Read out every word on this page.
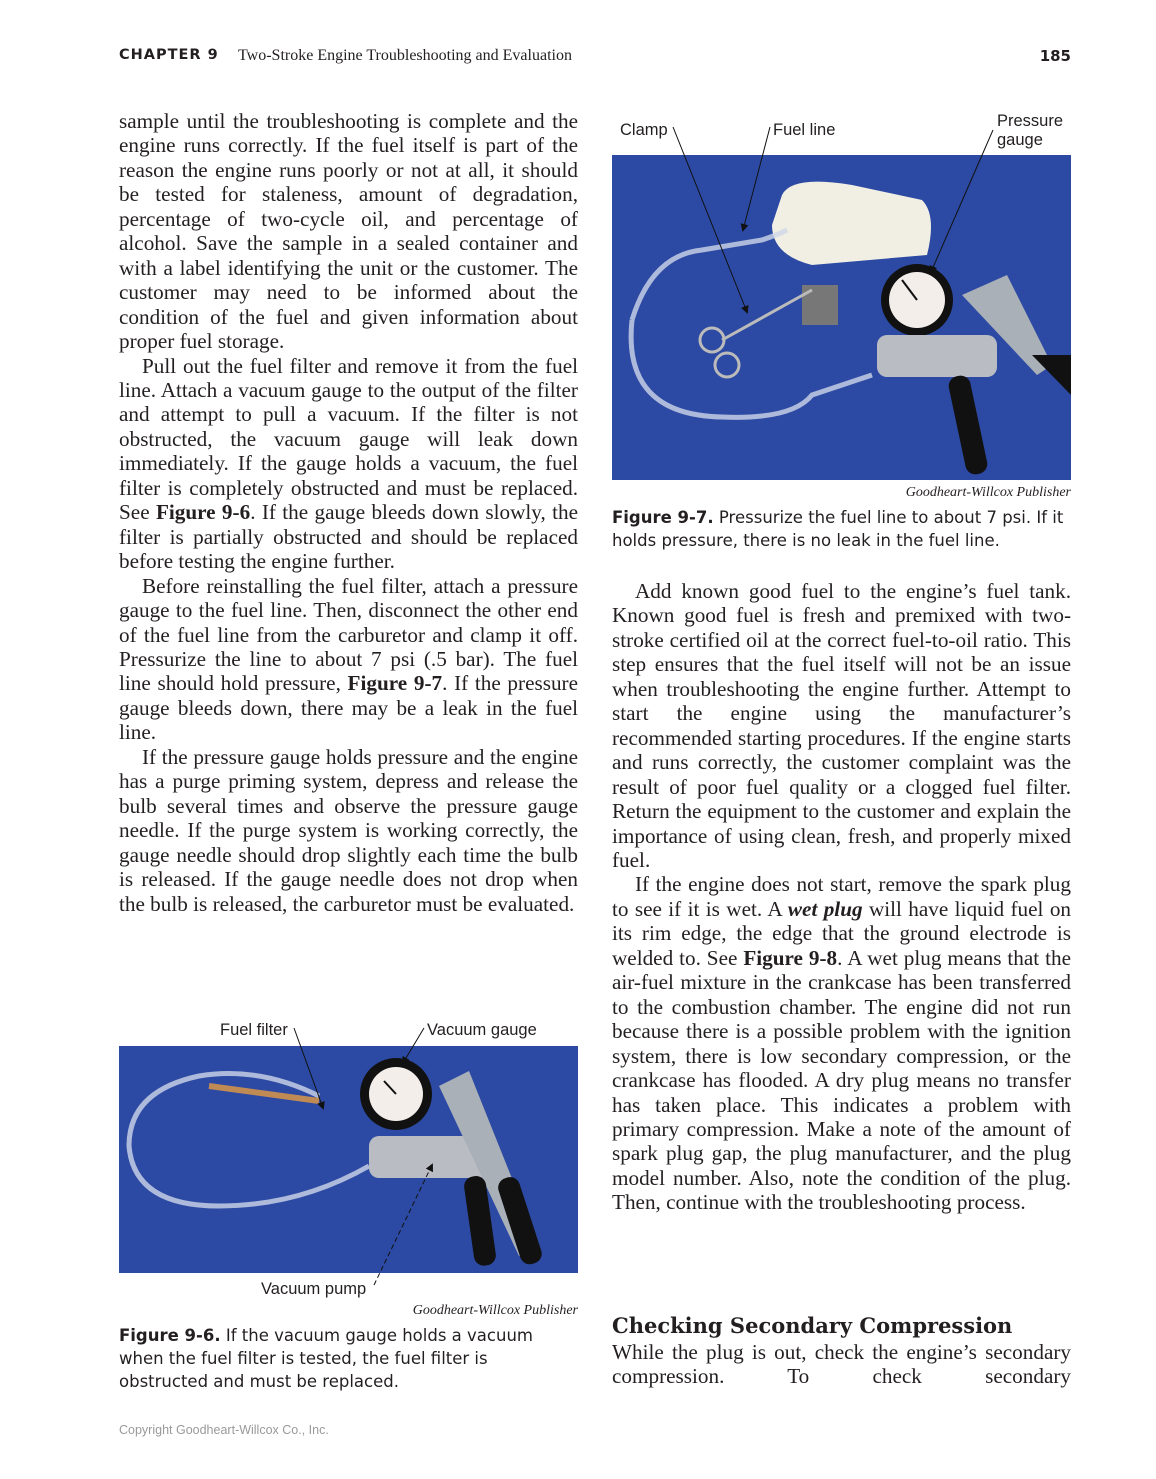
CHAPTER 9 Two-Stroke Engine Troubleshooting and Evaluation	185

sample until the troubleshooting is complete and the engine runs correctly. If the fuel itself is part of the reason the engine runs poorly or not at all, it should be tested for staleness, amount of degradation, percentage of two-cycle oil, and percentage of alcohol. Save the sample in a sealed container and with a label identifying the unit or the customer. The customer may need to be informed about the condition of the fuel and given information about proper fuel storage.

Pull out the fuel filter and remove it from the fuel line. Attach a vacuum gauge to the output of the filter and attempt to pull a vacuum. If the filter is not obstructed, the vacuum gauge will leak down immediately. If the gauge holds a vacuum, the fuel filter is completely obstructed and must be replaced. See Figure 9-6. If the gauge bleeds down slowly, the filter is partially obstructed and should be replaced before testing the engine further.

Before reinstalling the fuel filter, attach a pressure gauge to the fuel line. Then, disconnect the other end of the fuel line from the carburetor and clamp it off. Pressurize the line to about 7 psi (.5 bar). The fuel line should hold pressure, Figure 9-7. If the pressure gauge bleeds down, there may be a leak in the fuel line.

If the pressure gauge holds pressure and the engine has a purge priming system, depress and release the bulb several times and observe the pressure gauge needle. If the purge system is working correctly, the gauge needle should drop slightly each time the bulb is released. If the gauge needle does not drop when the bulb is released, the carburetor must be evaluated.

Clamp	Fuel line	Pressure
gauge
Goodheart-Willcox Publisher
Figure 9-7. Pressurize the fuel line to about 7 psi. If it holds pressure, there is no leak in the fuel line.
Fuel filter	Vacuum gauge
Vacuum pump
Goodheart-Willcox Publisher
Figure 9-6. If the vacuum gauge holds a vacuum when the fuel filter is tested, the fuel filter is obstructed and must be replaced.

Add known good fuel to the engine’s fuel tank. Known good fuel is fresh and premixed with two-stroke certified oil at the correct fuel-to-oil ratio. This step ensures that the fuel itself will not be an issue when troubleshooting the engine further. Attempt to start the engine using the manufacturer’s recommended starting procedures. If the engine starts and runs correctly, the customer complaint was the result of poor fuel quality or a clogged fuel filter. Return the equipment to the customer and explain the importance of using clean, fresh, and properly mixed fuel.

If the engine does not start, remove the spark plug to see if it is wet. A wet plug will have liquid fuel on its rim edge, the edge that the ground electrode is welded to. See Figure 9-8. A wet plug means that the air-fuel mixture in the crankcase has been transferred to the combustion chamber. The engine did not run because there is a possible problem with the ignition system, there is low secondary compression, or the crankcase has flooded. A dry plug means no transfer has taken place. This indicates a problem with primary compression. Make a note of the amount of spark plug gap, the plug manufacturer, and the plug model number. Also, note the condition of the plug. Then, continue with the troubleshooting process.

Checking Secondary Compression

While the plug is out, check the engine’s secondary compression. To check secondary

Copyright Goodheart-Willcox Co., Inc.
